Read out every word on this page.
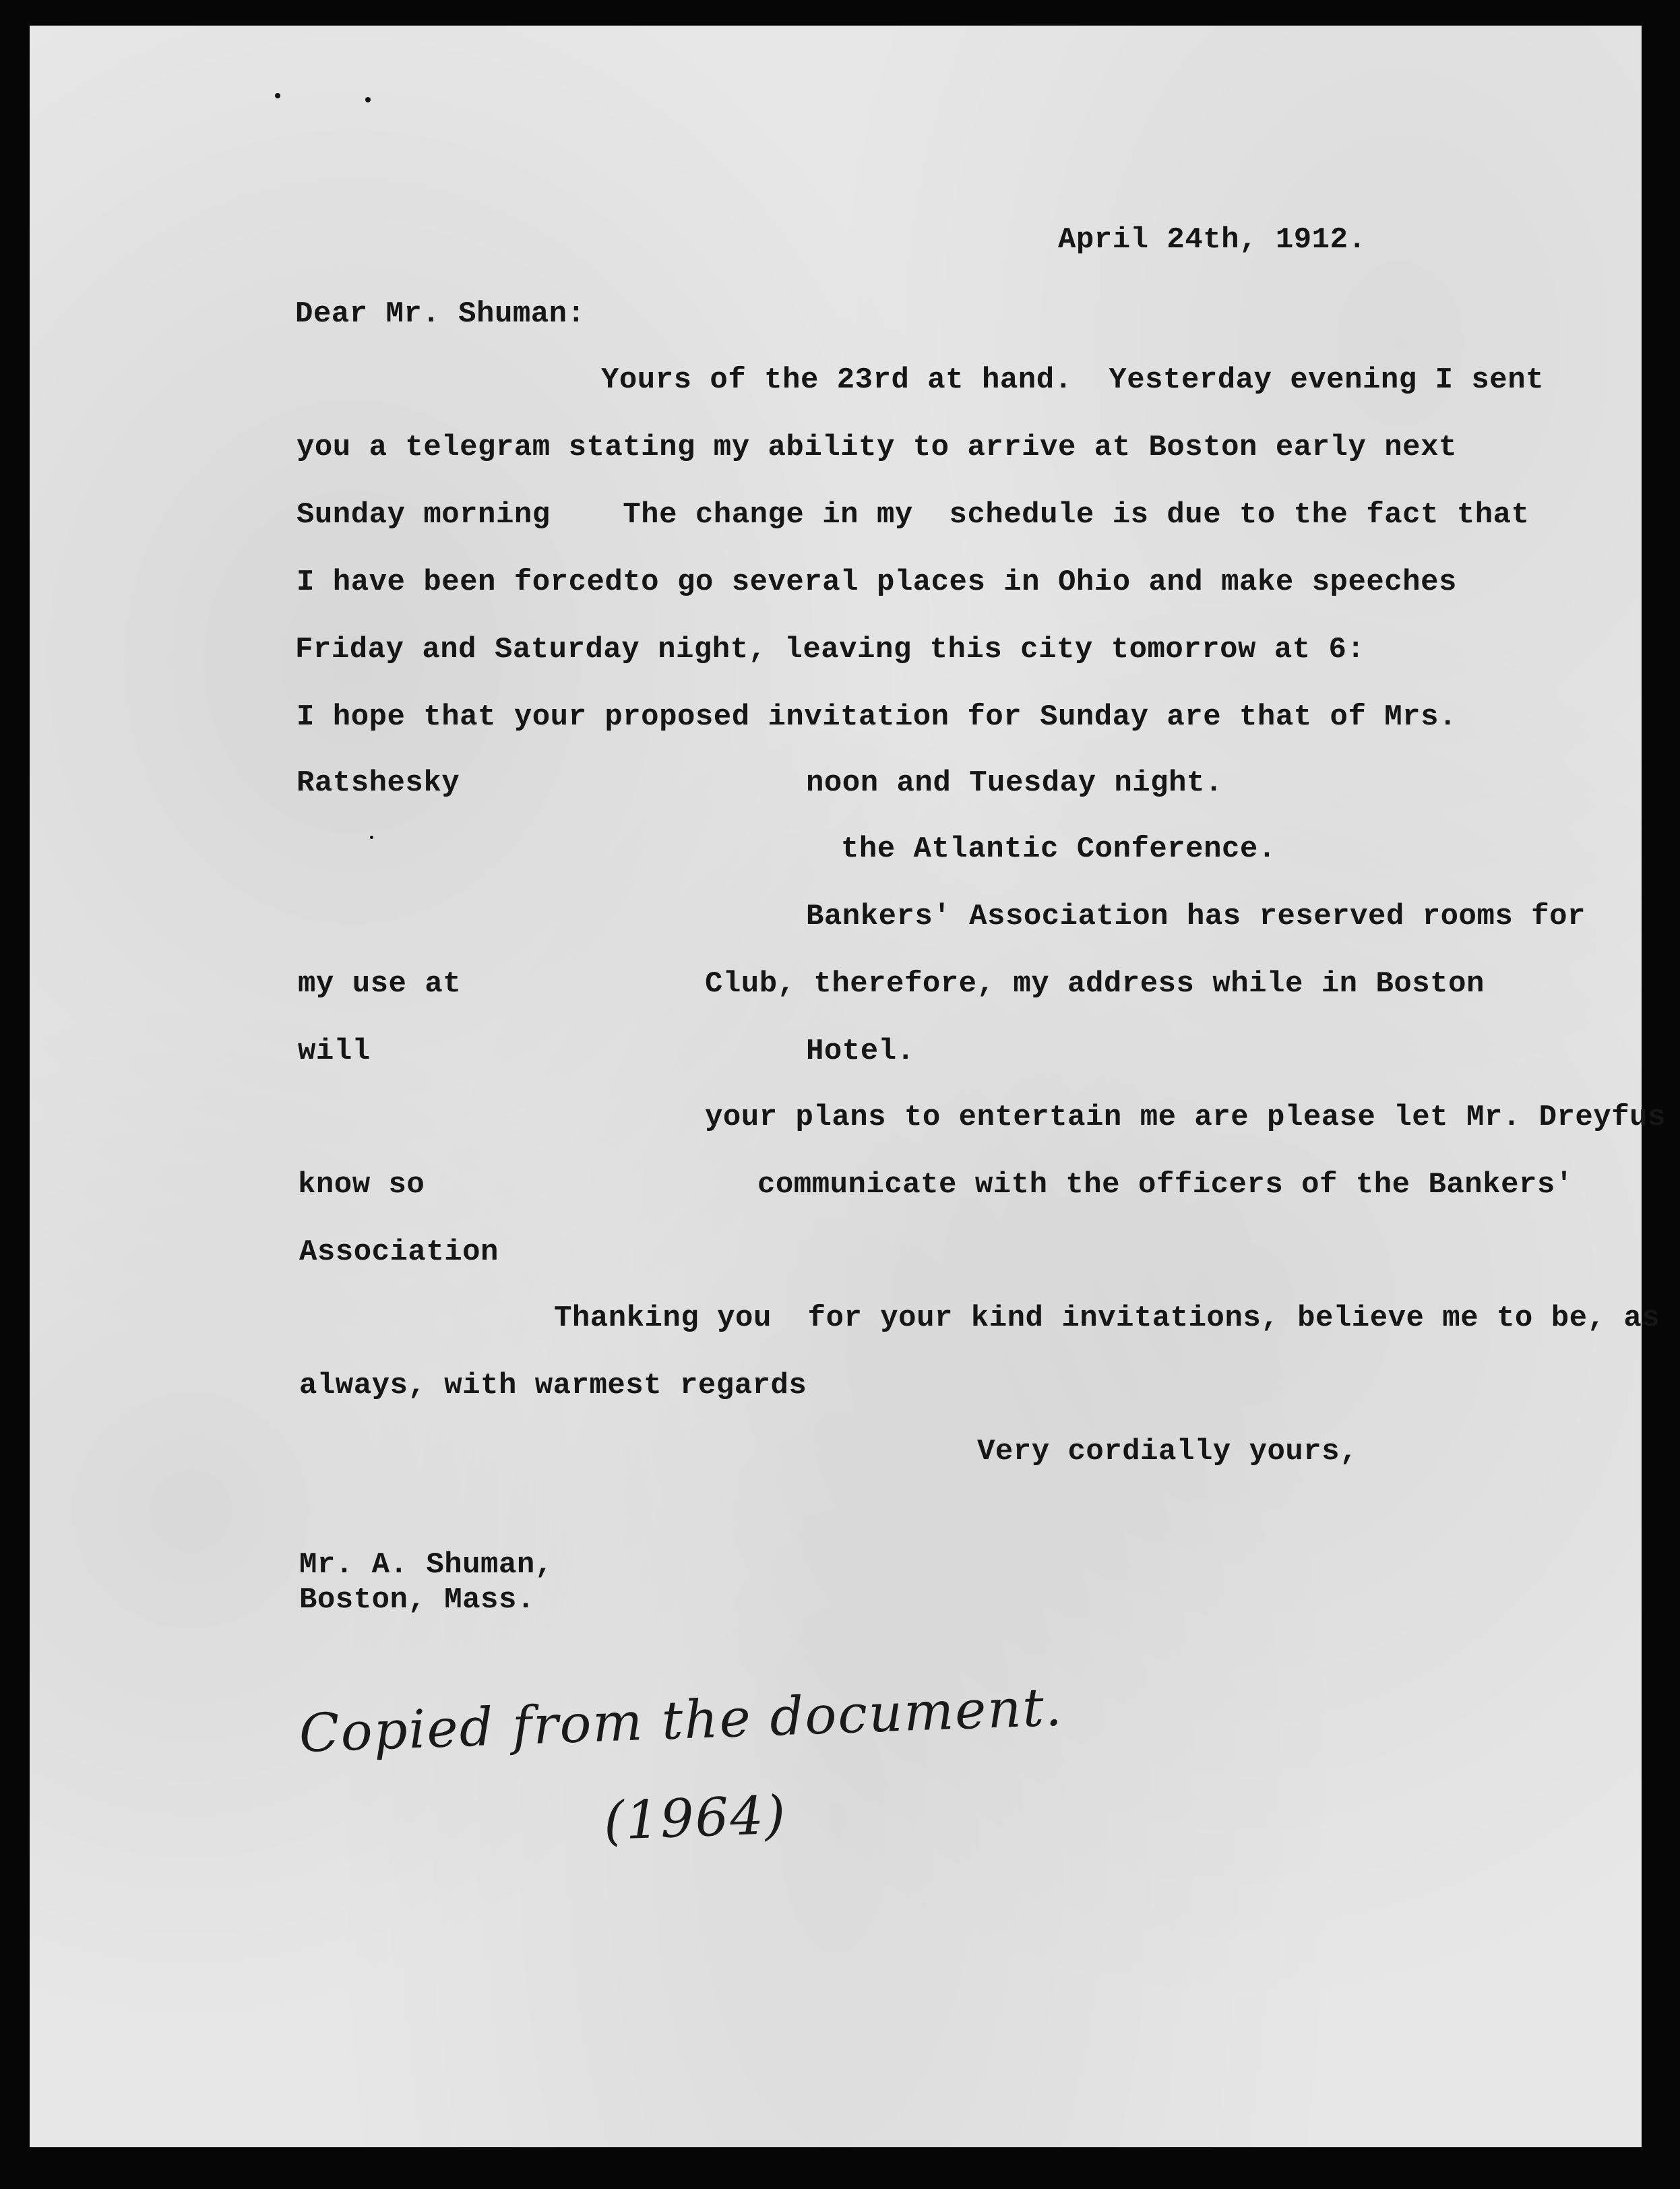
April 24th, 1912.
Dear Mr. Shuman:
Yours of the 23rd at hand.  Yesterday evening I sent
you a telegram stating my ability to arrive at Boston early next
Sunday morning    The change in my  schedule is due to the fact that
I have been forcedto go several places in Ohio and make speeches
Friday and Saturday night, leaving this city tomorrow at 6:
I hope that your proposed invitation for Sunday are that of Mrs.
Ratshesky	noon and Tuesday night.
the Atlantic Conference.
Bankers' Association has reserved rooms for
my use at	Club, therefore, my address while in Boston
will	Hotel.
your plans to entertain me are please let Mr. Dreyfus
know so	communicate with the officers of the Bankers'
Association
Thanking you  for your kind invitations, believe me to be, as
always, with warmest regards
Very cordially yours,
Mr. A. Shuman,
Boston, Mass.
Copied from the document.
(1964)
